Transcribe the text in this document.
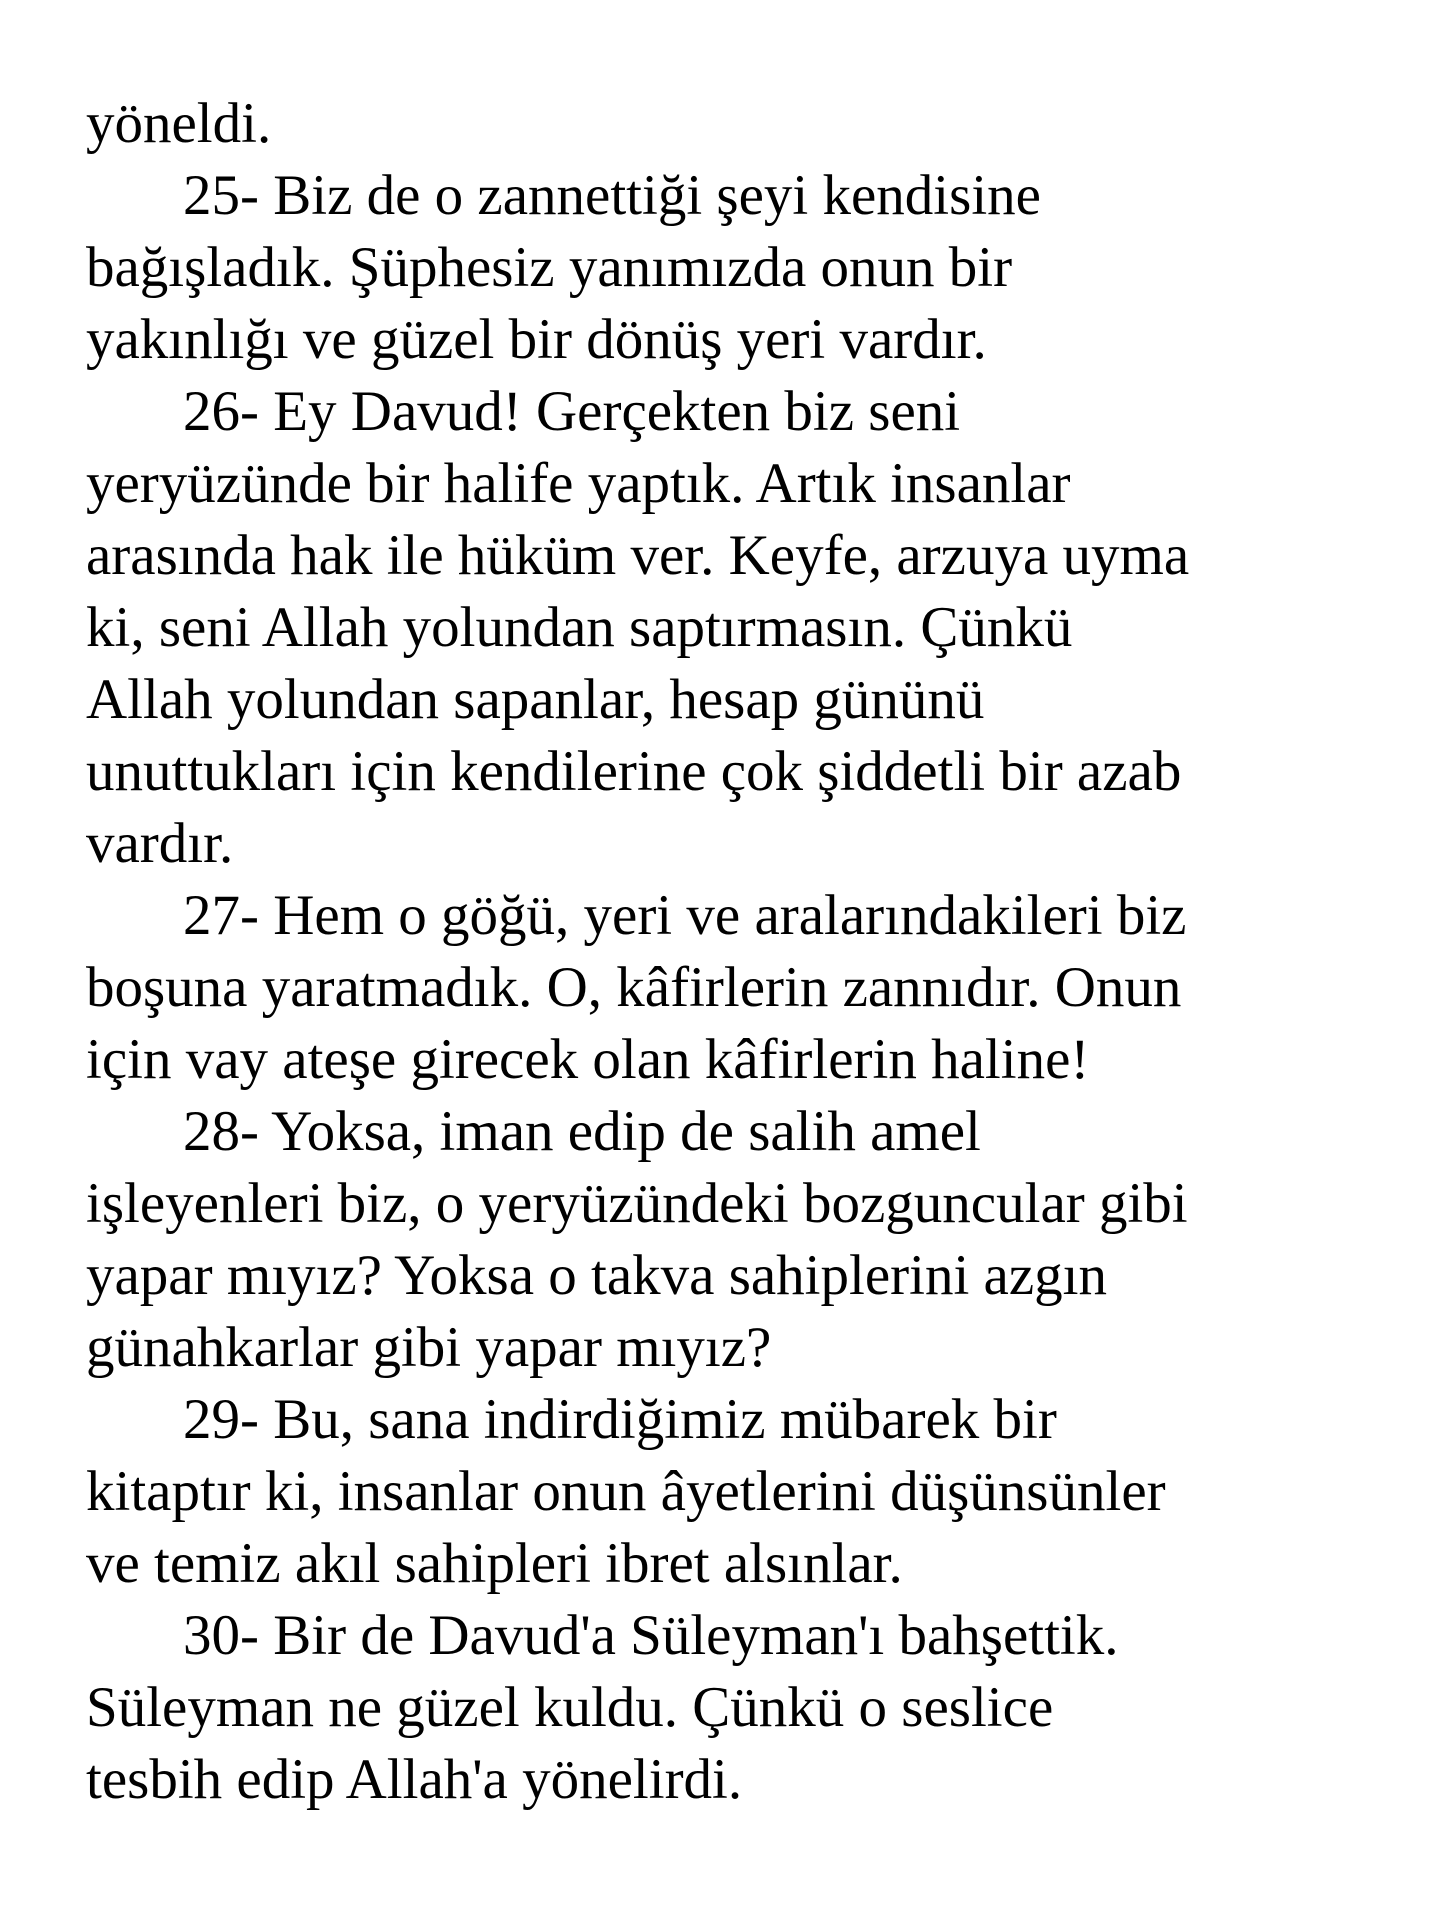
yöneldi.
25- Biz de o zannettiği şeyi kendisine
bağışladık. Şüphesiz yanımızda onun bir
yakınlığı ve güzel bir dönüş yeri vardır.
26- Ey Davud! Gerçekten biz seni
yeryüzünde bir halife yaptık. Artık insanlar
arasında hak ile hüküm ver. Keyfe, arzuya uyma
ki, seni Allah yolundan saptırmasın. Çünkü
Allah yolundan sapanlar, hesap gününü
unuttukları için kendilerine çok şiddetli bir azab
vardır.
27- Hem o göğü, yeri ve aralarındakileri biz
boşuna yaratmadık. O, kâfirlerin zannıdır. Onun
için vay ateşe girecek olan kâfirlerin haline!
28- Yoksa, iman edip de salih amel
işleyenleri biz, o yeryüzündeki bozguncular gibi
yapar mıyız? Yoksa o takva sahiplerini azgın
günahkarlar gibi yapar mıyız?
29- Bu, sana indirdiğimiz mübarek bir
kitaptır ki, insanlar onun âyetlerini düşünsünler
ve temiz akıl sahipleri ibret alsınlar.
30- Bir de Davud'a Süleyman'ı bahşettik.
Süleyman ne güzel kuldu. Çünkü o seslice
tesbih edip Allah'a yönelirdi.
